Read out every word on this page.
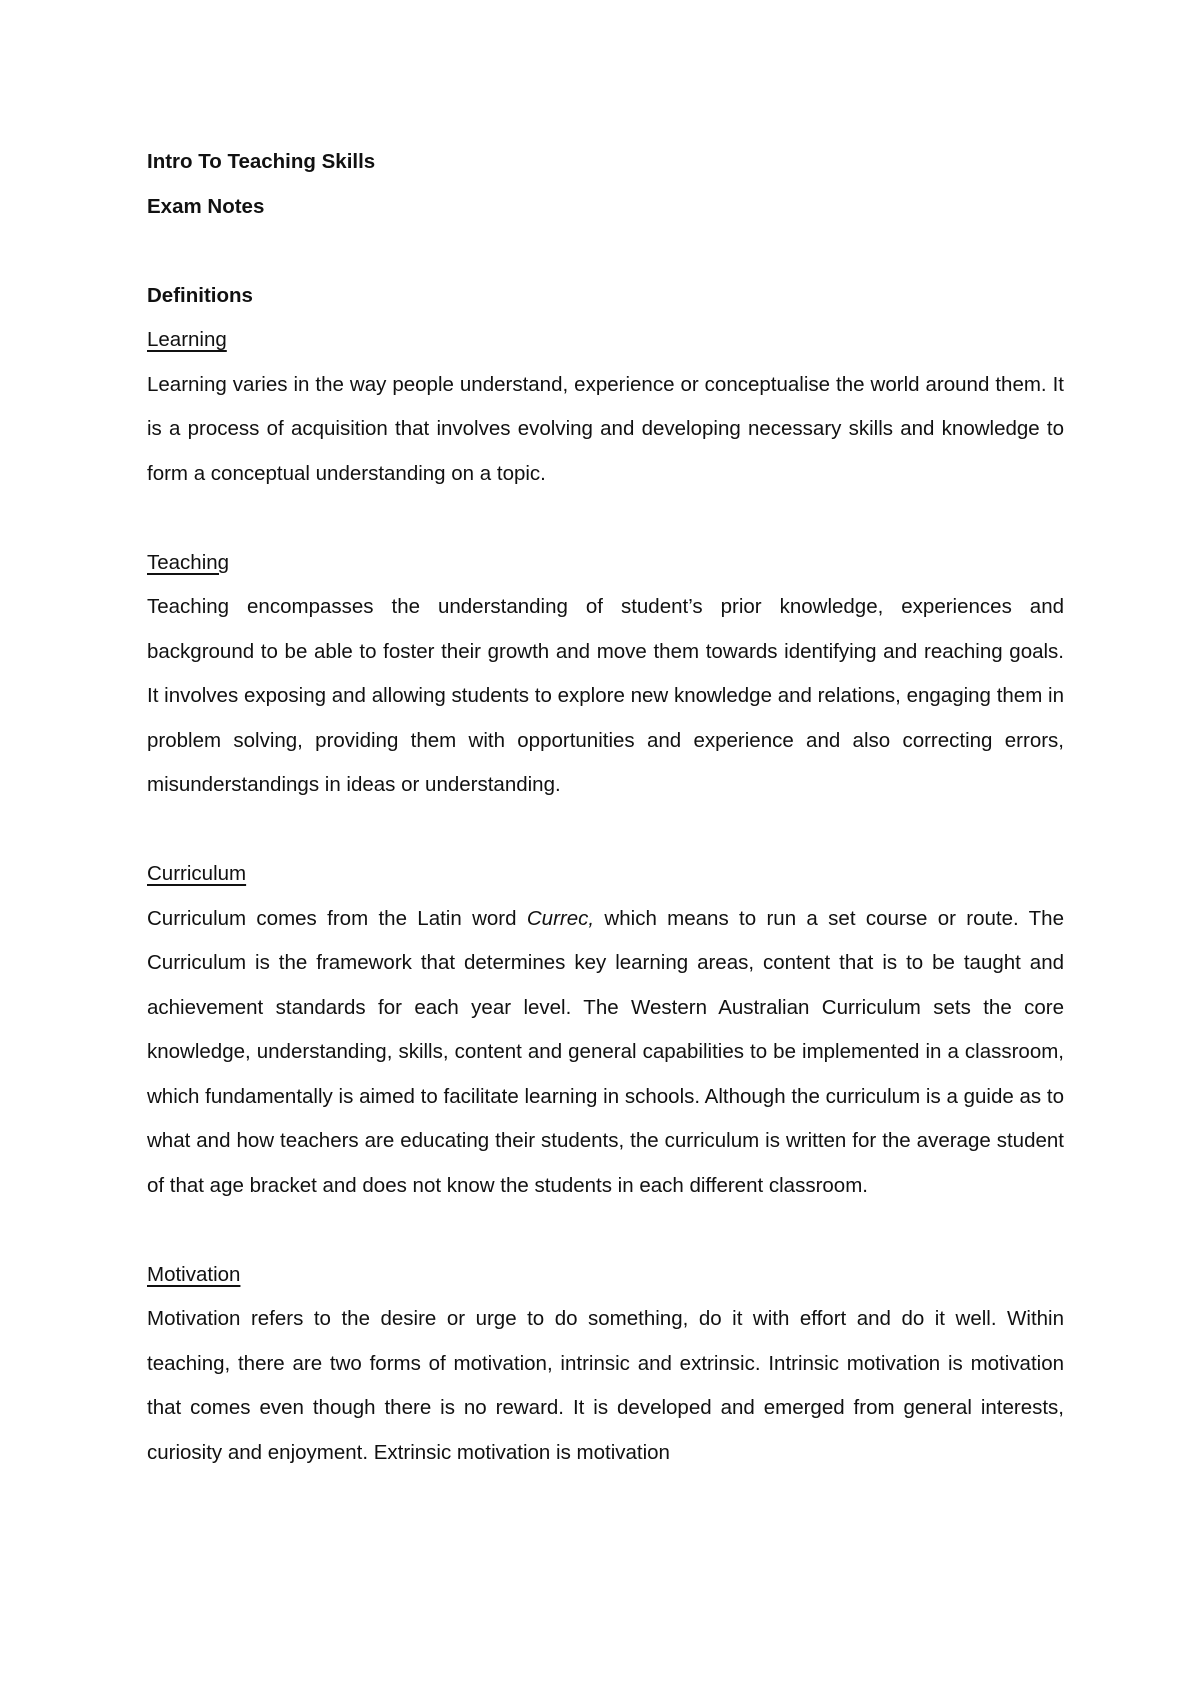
Intro To Teaching Skills

Exam Notes

Definitions

Learning

Learning varies in the way people understand, experience or conceptualise the world around them. It is a process of acquisition that involves evolving and developing necessary skills and knowledge to form a conceptual understanding on a topic.

Teaching

Teaching encompasses the understanding of student’s prior knowledge, experiences and background to be able to foster their growth and move them towards identifying and reaching goals. It involves exposing and allowing students to explore new knowledge and relations, engaging them in problem solving, providing them with opportunities and experience and also correcting errors, misunderstandings in ideas or understanding.

Curriculum

Curriculum comes from the Latin word Currec, which means to run a set course or route. The Curriculum is the framework that determines key learning areas, content that is to be taught and achievement standards for each year level. The Western Australian Curriculum sets the core knowledge, understanding, skills, content and general capabilities to be implemented in a classroom, which fundamentally is aimed to facilitate learning in schools. Although the curriculum is a guide as to what and how teachers are educating their students, the curriculum is written for the average student of that age bracket and does not know the students in each different classroom.

Motivation

Motivation refers to the desire or urge to do something, do it with effort and do it well. Within teaching, there are two forms of motivation, intrinsic and extrinsic. Intrinsic motivation is motivation that comes even though there is no reward. It is developed and emerged from general interests, curiosity and enjoyment. Extrinsic motivation is motivation
